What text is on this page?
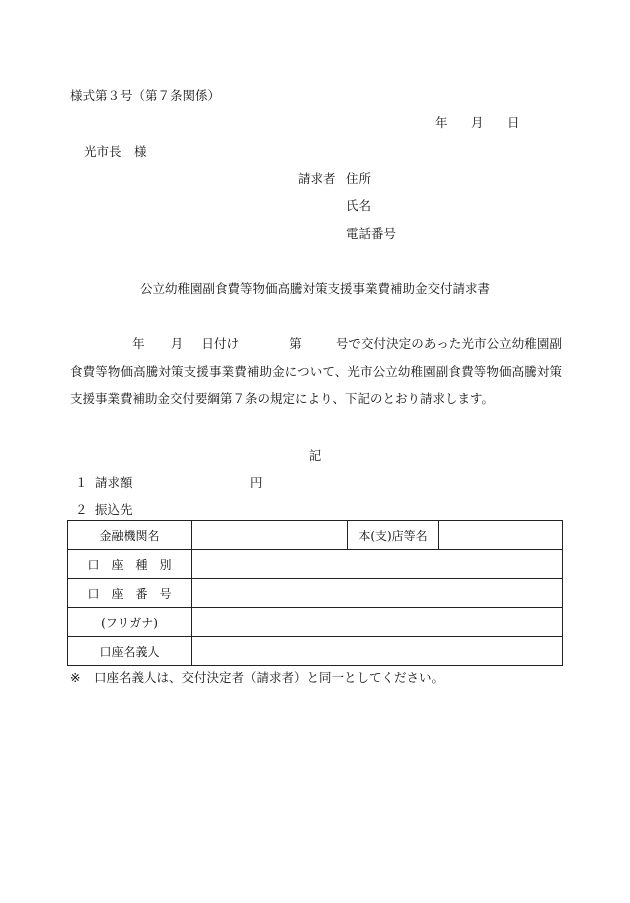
様式第３号（第７条関係）
年 月 日
光市長　様
請求者 住所
氏名
電話番号
公立幼稚園副食費等物価高騰対策支援事業費補助金交付請求書
年 月 日付け	第	号で交付決定のあった光市公立幼稚園副食費等物価高騰対策支援事業費補助金について、光市公立幼稚園副食費等物価高騰対策支援事業費補助金交付要綱第７条の規定により、下記のとおり請求します。
記
１ 請求額	円
２ 振込先
金融機関名		本(支)店等名	
口　座　種　別			
口　座　番　号			
(フリガナ)			
口座名義人			
※ 口座名義人は、交付決定者（請求者）と同一としてください。
